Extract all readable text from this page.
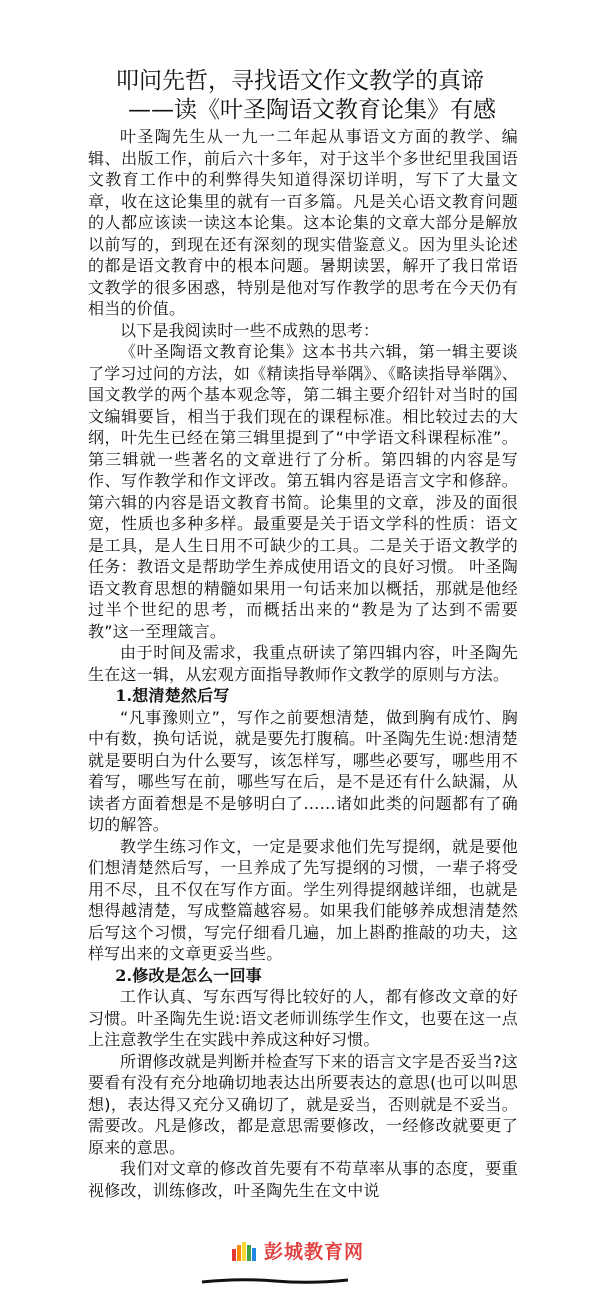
叩问先哲，寻找语文作文教学的真谛
——读《叶圣陶语文教育论集》有感

叶圣陶先生从一九一二年起从事语文方面的教学、编辑、出版工作，前后六十多年，对于这半个多世纪里我国语文教育工作中的利弊得失知道得深切详明，写下了大量文章，收在这论集里的就有一百多篇。凡是关心语文教育问题的人都应该读一读这本论集。这本论集的文章大部分是解放以前写的，到现在还有深刻的现实借鉴意义。因为里头论述的都是语文教育中的根本问题。暑期读罢，解开了我日常语文教学的很多困惑，特别是他对写作教学的思考在今天仍有相当的价值。

以下是我阅读时一些不成熟的思考：

《叶圣陶语文教育论集》这本书共六辑，第一辑主要谈了学习过问的方法，如《精读指导举隅》、《略读指导举隅》、国文教学的两个基本观念等，第二辑主要介绍针对当时的国文编辑要旨，相当于我们现在的课程标准。相比较过去的大纲，叶先生已经在第三辑里提到了“中学语文科课程标准”。第三辑就一些著名的文章进行了分析。第四辑的内容是写作、写作教学和作文评改。第五辑内容是语言文字和修辞。第六辑的内容是语文教育书简。论集里的文章，涉及的面很宽，性质也多种多样。最重要是关于语文学科的性质：语文是工具，是人生日用不可缺少的工具。二是关于语文教学的任务：教语文是帮助学生养成使用语文的良好习惯。 叶圣陶语文教育思想的精髓如果用一句话来加以概括，那就是他经过半个世纪的思考，而概括出来的“教是为了达到不需要教”这一至理箴言。

由于时间及需求，我重点研读了第四辑内容，叶圣陶先生在这一辑，从宏观方面指导教师作文教学的原则与方法。

1.想清楚然后写

“凡事豫则立”，写作之前要想清楚，做到胸有成竹、胸中有数，换句话说，就是要先打腹稿。叶圣陶先生说:想清楚就是要明白为什么要写，该怎样写，哪些必要写，哪些用不着写，哪些写在前，哪些写在后，是不是还有什么缺漏，从读者方面着想是不是够明白了……诸如此类的问题都有了确切的解答。

教学生练习作文，一定是要求他们先写提纲，就是要他们想清楚然后写，一旦养成了先写提纲的习惯，一辈子将受用不尽，且不仅在写作方面。学生列得提纲越详细，也就是想得越清楚，写成整篇越容易。如果我们能够养成想清楚然后写这个习惯，写完仔细看几遍，加上斟酌推敲的功夫，这样写出来的文章更妥当些。

2.修改是怎么一回事

工作认真、写东西写得比较好的人，都有修改文章的好习惯。叶圣陶先生说:语文老师训练学生作文，也要在这一点上注意教学生在实践中养成这种好习惯。

所谓修改就是判断并检查写下来的语言文字是否妥当?这要看有没有充分地确切地表达出所要表达的意思(也可以叫思想)，表达得又充分又确切了，就是妥当，否则就是不妥当。需要改。凡是修改，都是意思需要修改，一经修改就要更了原来的意思。

我们对文章的修改首先要有不苟草率从事的态度，要重视修改，训练修改，叶圣陶先生在文中说

彭城教育网
